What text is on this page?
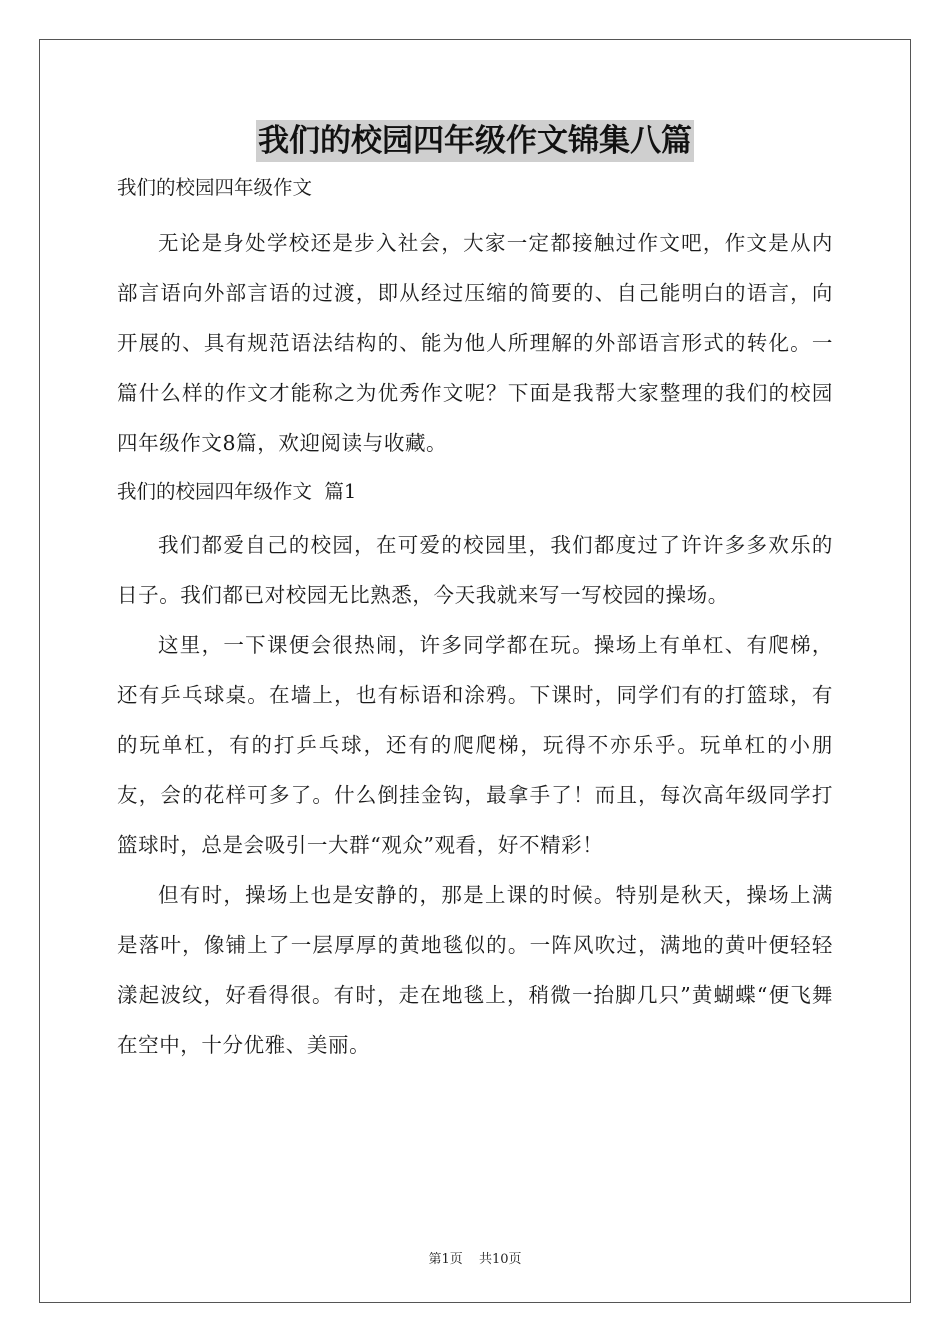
我们的校园四年级作文锦集八篇
我们的校园四年级作文

无论是身处学校还是步入社会，大家一定都接触过作文吧，作文是从内部言语向外部言语的过渡，即从经过压缩的简要的、自己能明白的语言，向开展的、具有规范语法结构的、能为他人所理解的外部语言形式的转化。一篇什么样的作文才能称之为优秀作文呢？下面是我帮大家整理的我们的校园四年级作文8篇，欢迎阅读与收藏。

我们的校园四年级作文  篇1

我们都爱自己的校园，在可爱的校园里，我们都度过了许许多多欢乐的日子。我们都已对校园无比熟悉，今天我就来写一写校园的操场。

这里，一下课便会很热闹，许多同学都在玩。操场上有单杠、有爬梯，还有乒乓球桌。在墙上，也有标语和涂鸦。下课时，同学们有的打篮球，有的玩单杠，有的打乒乓球，还有的爬爬梯，玩得不亦乐乎。玩单杠的小朋友，会的花样可多了。什么倒挂金钩，最拿手了！而且，每次高年级同学打篮球时，总是会吸引一大群“观众”观看，好不精彩！

但有时，操场上也是安静的，那是上课的时候。特别是秋天，操场上满是落叶，像铺上了一层厚厚的黄地毯似的。一阵风吹过，满地的黄叶便轻轻漾起波纹，好看得很。有时，走在地毯上，稍微一抬脚几只”黄蝴蝶“便飞舞在空中，十分优雅、美丽。

第1页 共10页
